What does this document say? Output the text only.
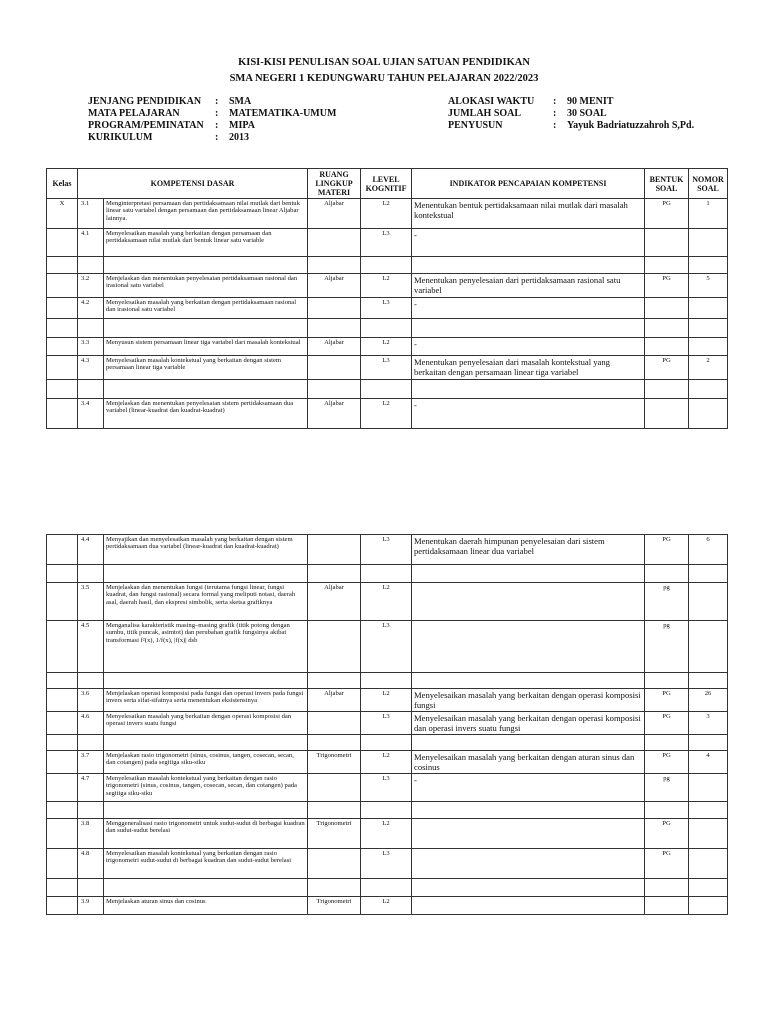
KISI-KISI PENULISAN SOAL UJIAN SATUAN PENDIDIKAN
SMA NEGERI 1 KEDUNGWARU TAHUN PELAJARAN 2022/2023
JENJANG PENDIDIKAN : SMA
MATA PELAJARAN	: MATEMATIKA-UMUM
PROGRAM/PEMINATAN : MIPA
KURIKULUM	: 2013
ALOKASI WAKTU : 90 MENIT
JUMLAH SOAL	: 30 SOAL
PENYUSUN	: Yayuk Badriatuzzahroh S,Pd.
Kelas	KOMPETENSI DASAR		RUANG LINGKUP MATERI	LEVEL KOGNITIF	INDIKATOR PENCAPAIAN KOMPETENSI	BENTUK SOAL	NOMOR SOAL
X	3.1	Menginterpretasi persamaan dan pertidaksamaan nilai mutlak dari bentuk linear satu variabel dengan persamaan dan pertidaksamaan linear Aljabar lainnya.	Aljabar	L2	Menentukan bentuk pertidaksamaan nilai mutlak dari masalah kontekstual	PG	1
	4.1	Menyelesaikan masalah yang berkaitan dengan persamaan dan pertidaksamaan nilai mutlak dari bentuk linear satu variable		L3	-		

	3.2	Menjelaskan dan menentukan penyelesaian pertidaksamaan rasional dan irasional satu variabel	Aljabar	L2	Menentukan penyelesaian dari pertidaksamaan rasional satu variabel	PG	5
	4.2	Menyelesaikan masalah yang berkaitan dengan pertidaksamaan rasional dan irasional satu variabel		L3	-		

	3.3	Menyusun sistem persamaan linear tiga variabel dari masalah kontekstual	Aljabar	L2	-		
	4.3	Menyelesaikan masalah kontekstual yang berkaitan dengan sistem persamaan linear tiga variable		L3	Menentukan penyelesaian dari masalah kontekstual yang berkaitan dengan persamaan linear tiga variabel	PG	2

	3.4	Menjelaskan dan menentukan penyelesaian sistem pertidaksamaan dua variabel (linear-kuadrat dan kuadrat-kuadrat)	Aljabar	L2	-		
	4.4	Menyajikan dan menyelesaikan masalah yang berkaitan dengan sistem pertidaksamaan dua variabel (linear-kuadrat dan kuadrat-kuadrat)		L3	Menentukan daerah himpunan penyelesaian dari sistem pertidaksamaan linear dua variabel	PG	6

	3.5	Menjelaskan dan menentukan fungsi (terutama fungsi linear, fungsi kuadrat, dan fungsi rasional) secara formal yang meliputi notasi, daerah asal, daerah hasil, dan ekspresi simbolik, serta sketsa grafiknya	Aljabar	L2		pg	
	4.5	Menganalisa karakteristik masing–masing grafik (titik potong dengan sumbu, titik puncak, asimtot) dan perubahan grafik fungsinya akibat transformasi f²(x), 1/f(x), |f(x)| dsb		L3		pg	

	3.6	Menjelaskan operasi komposisi pada fungsi dan operasi invers pada fungsi invers serta sifat-sifatnya serta menentukan eksistensinya	Aljabar	L2	Menyelesaikan masalah yang berkaitan dengan operasi komposisi fungsi	PG	26
	4.6	Menyelesaikan masalah yang berkaitan dengan operasi komposisi dan operasi invers suatu fungsi		L3	Menyelesaikan masalah yang berkaitan dengan operasi komposisi dan operasi invers suatu fungsi	PG	3

	3.7	Menjelaskan rasio trigonometri (sinus, cosinus, tangen, cosecan, secan, dan cotangen) pada segitiga siku-siku	Trigonometri	L2	Menyelesaikan masalah yang berkaitan dengan aturan sinus dan cosinus	PG	4
	4.7	Menyelesaikan masalah kontekstual yang berkaitan dengan rasio trigonometri (sinus, cosinus, tangen, cosecan, secan, dan cotangen) pada segitiga siku-siku		L3	-	pg	

	3.8	Menggeneralisasi rasio trigonometri untuk sudut-sudut di berbagai kuadran dan sudut-sudut berelasi	Trigonometri	L2		PG	
	4.8	Menyelesaikan masalah kontekstual yang berkaitan dengan rasio trigonometri sudut-sudut di berbagai kuadran dan sudut-sudut berelasi		L3		PG	

	3.9	Menjelaskan aturan sinus dan cosinus	Trigonometri	L2			
